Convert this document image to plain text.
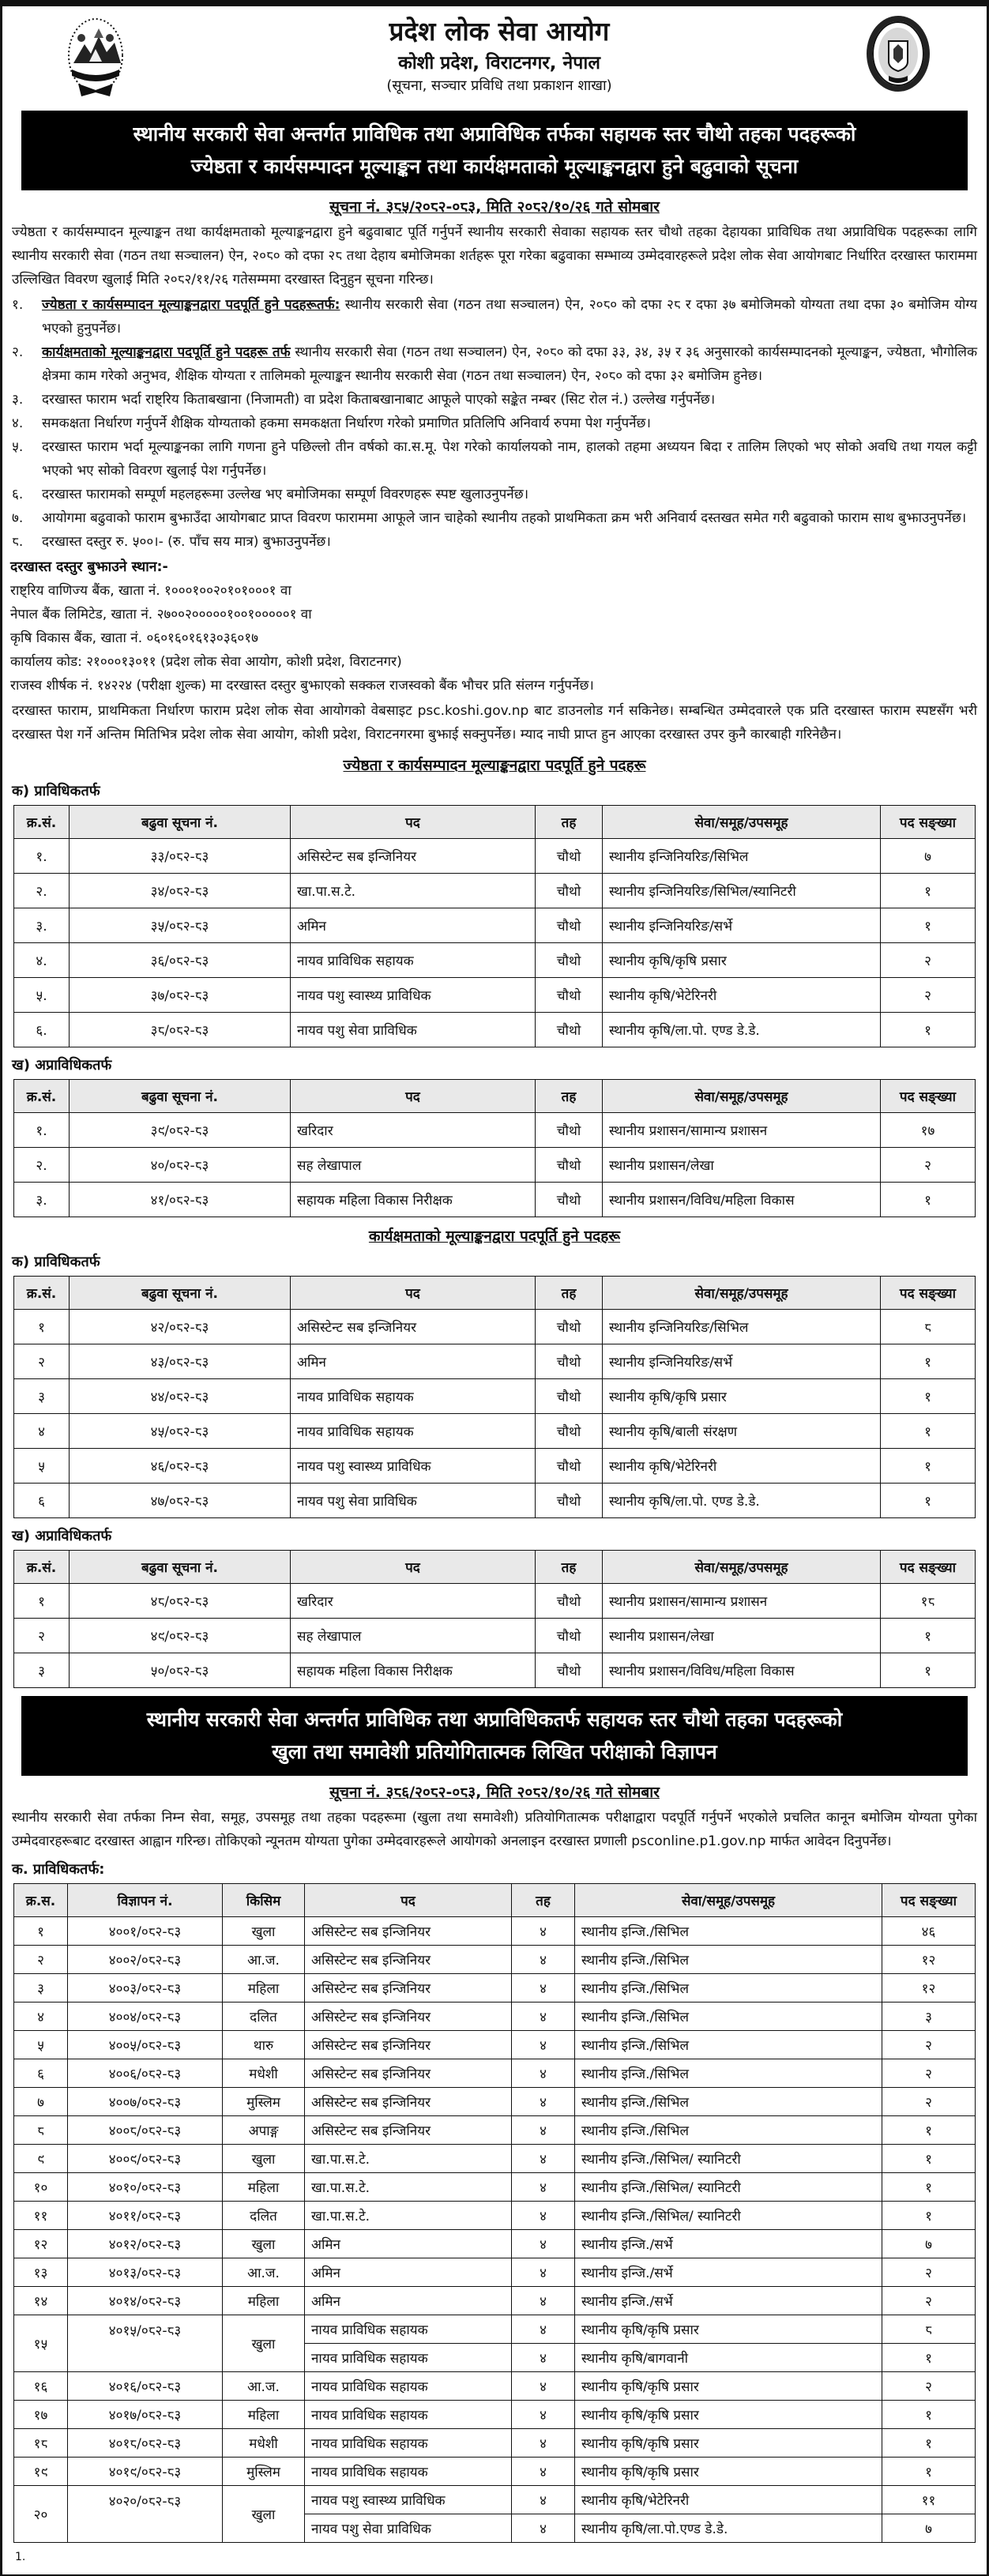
प्रदेश लोक सेवा आयोग
कोशी प्रदेश, विराटनगर, नेपाल
(सूचना, सञ्चार प्रविधि तथा प्रकाशन शाखा)
स्थानीय सरकारी सेवा अन्तर्गत प्राविधिक तथा अप्राविधिक तर्फका सहायक स्तर चौथो तहका पदहरूको
ज्येष्ठता र कार्यसम्पादन मूल्याङ्कन तथा कार्यक्षमताको मूल्याङ्कनद्वारा हुने बढुवाको सूचना
सूचना नं. ३८५/२०८२-०८३, मिति २०८२/१०/२६ गते सोमबार

ज्येष्ठता र कार्यसम्पादन मूल्याङ्कन तथा कार्यक्षमताको मूल्याङ्कनद्वारा हुने बढुवाबाट पूर्ति गर्नुपर्ने स्थानीय सरकारी सेवाका सहायक स्तर चौथो तहका देहायका प्राविधिक तथा अप्राविधिक पदहरूका लागि स्थानीय सरकारी सेवा (गठन तथा सञ्चालन) ऐन, २०८० को दफा २८ तथा देहाय बमोजिमका शर्तहरू पूरा गरेका बढुवाका सम्भाव्य उम्मेदवारहरूले प्रदेश लोक सेवा आयोगबाट निर्धारित दरखास्त फाराममा उल्लिखित विवरण खुलाई मिति २०८२/११/२६ गतेसम्ममा दरखास्त दिनुहुन सूचना गरिन्छ।

१.	ज्येष्ठता र कार्यसम्पादन मूल्याङ्कनद्वारा पदपूर्ति हुने पदहरूतर्फ: स्थानीय सरकारी सेवा (गठन तथा सञ्चालन) ऐन, २०८० को दफा २८ र दफा ३७ बमोजिमको योग्यता तथा दफा ३० बमोजिम योग्य भएको हुनुपर्नेछ।
२.	कार्यक्षमताको मूल्याङ्कनद्वारा पदपूर्ति हुने पदहरू तर्फ स्थानीय सरकारी सेवा (गठन तथा सञ्चालन) ऐन, २०८० को दफा ३३, ३४, ३५ र ३६ अनुसारको कार्यसम्पादनको मूल्याङ्कन, ज्येष्ठता, भौगोलिक क्षेत्रमा काम गरेको अनुभव, शैक्षिक योग्यता र तालिमको मूल्याङ्कन स्थानीय सरकारी सेवा (गठन तथा सञ्चालन) ऐन, २०८० को दफा ३२ बमोजिम हुनेछ।
३.	दरखास्त फाराम भर्दा राष्ट्रिय किताबखाना (निजामती) वा प्रदेश किताबखानाबाट आफूले पाएको सङ्केत नम्बर (सिट रोल नं.) उल्लेख गर्नुपर्नेछ।
४.	समकक्षता निर्धारण गर्नुपर्ने शैक्षिक योग्यताको हकमा समकक्षता निर्धारण गरेको प्रमाणित प्रतिलिपि अनिवार्य रुपमा पेश गर्नुपर्नेछ।
५.	दरखास्त फाराम भर्दा मूल्याङ्कनका लागि गणना हुने पछिल्लो तीन वर्षको का.स.मू. पेश गरेको कार्यालयको नाम, हालको तहमा अध्ययन बिदा र तालिम लिएको भए सोको अवधि तथा गयल कट्टी भएको भए सोको विवरण खुलाई पेश गर्नुपर्नेछ।
६.	दरखास्त फारामको सम्पूर्ण महलहरूमा उल्लेख भए बमोजिमका सम्पूर्ण विवरणहरू स्पष्ट खुलाउनुपर्नेछ।
७.	आयोगमा बढुवाको फाराम बुझाउँदा आयोगबाट प्राप्त विवरण फाराममा आफूले जान चाहेको स्थानीय तहको प्राथमिकता क्रम भरी अनिवार्य दस्तखत समेत गरी बढुवाको फाराम साथ बुझाउनुपर्नेछ।
८.	दरखास्त दस्तुर रु. ५००।- (रु. पाँच सय मात्र) बुझाउनुपर्नेछ।
दरखास्त दस्तुर बुझाउने स्थान:-
राष्ट्रिय वाणिज्य बैंक, खाता नं. १०००१००२०१०१०००१ वा
नेपाल बैंक लिमिटेड, खाता नं. २७००२०००००१००१०००००१ वा
कृषि विकास बैंक, खाता नं. ०६०१६०१६१३०३६०१७
कार्यालय कोड: २१०००१३०११ (प्रदेश लोक सेवा आयोग, कोशी प्रदेश, विराटनगर)
राजस्व शीर्षक नं. १४२२४ (परीक्षा शुल्क) मा दरखास्त दस्तुर बुझाएको सक्कल राजस्वको बैंक भौचर प्रति संलग्न गर्नुपर्नेछ।

दरखास्त फाराम, प्राथमिकता निर्धारण फाराम प्रदेश लोक सेवा आयोगको वेबसाइट psc.koshi.gov.np बाट डाउनलोड गर्न सकिनेछ। सम्बन्धित उम्मेदवारले एक प्रति दरखास्त फाराम स्पष्टसँग भरी दरखास्त पेश गर्ने अन्तिम मितिभित्र प्रदेश लोक सेवा आयोग, कोशी प्रदेश, विराटनगरमा बुझाई सक्नुपर्नेछ। म्याद नाघी प्राप्त हुन आएका दरखास्त उपर कुनै कारबाही गरिनेछैन।

ज्येष्ठता र कार्यसम्पादन मूल्याङ्कनद्वारा पदपूर्ति हुने पदहरू
क) प्राविधिकतर्फ
क्र.सं.	बढुवा सूचना नं.	पद	तह	सेवा/समूह/उपसमूह	पद सङ्ख्या
१.	३३/०८२-८३	असिस्टेन्ट सब इन्जिनियर	चौथो	स्थानीय इन्जिनियरिङ/सिभिल	७
२.	३४/०८२-८३	खा.पा.स.टे.	चौथो	स्थानीय इन्जिनियरिङ/सिभिल/स्यानिटरी	१
३.	३५/०८२-८३	अमिन	चौथो	स्थानीय इन्जिनियरिङ/सर्भे	१
४.	३६/०८२-८३	नायव प्राविधिक सहायक	चौथो	स्थानीय कृषि/कृषि प्रसार	२
५.	३७/०८२-८३	नायव पशु स्वास्थ्य प्राविधिक	चौथो	स्थानीय कृषि/भेटेरिनरी	२
६.	३८/०८२-८३	नायव पशु सेवा प्राविधिक	चौथो	स्थानीय कृषि/ला.पो. एण्ड डे.डे.	१
ख) अप्राविधिकतर्फ
क्र.सं.	बढुवा सूचना नं.	पद	तह	सेवा/समूह/उपसमूह	पद सङ्ख्या
१.	३९/०८२-८३	खरिदार	चौथो	स्थानीय प्रशासन/सामान्य प्रशासन	१७
२.	४०/०८२-८३	सह लेखापाल	चौथो	स्थानीय प्रशासन/लेखा	२
३.	४१/०८२-८३	सहायक महिला विकास निरीक्षक	चौथो	स्थानीय प्रशासन/विविध/महिला विकास	१
कार्यक्षमताको मूल्याङ्कनद्वारा पदपूर्ति हुने पदहरू
क) प्राविधिकतर्फ
क्र.सं.	बढुवा सूचना नं.	पद	तह	सेवा/समूह/उपसमूह	पद सङ्ख्या
१	४२/०८२-८३	असिस्टेन्ट सब इन्जिनियर	चौथो	स्थानीय इन्जिनियरिङ/सिभिल	८
२	४३/०८२-८३	अमिन	चौथो	स्थानीय इन्जिनियरिङ/सर्भे	१
३	४४/०८२-८३	नायव प्राविधिक सहायक	चौथो	स्थानीय कृषि/कृषि प्रसार	१
४	४५/०८२-८३	नायव प्राविधिक सहायक	चौथो	स्थानीय कृषि/बाली संरक्षण	१
५	४६/०८२-८३	नायव पशु स्वास्थ्य प्राविधिक	चौथो	स्थानीय कृषि/भेटेरिनरी	१
६	४७/०८२-८३	नायव पशु सेवा प्राविधिक	चौथो	स्थानीय कृषि/ला.पो. एण्ड डे.डे.	१
ख) अप्राविधिकतर्फ
क्र.सं.	बढुवा सूचना नं.	पद	तह	सेवा/समूह/उपसमूह	पद सङ्ख्या
१	४८/०८२-८३	खरिदार	चौथो	स्थानीय प्रशासन/सामान्य प्रशासन	१८
२	४९/०८२-८३	सह लेखापाल	चौथो	स्थानीय प्रशासन/लेखा	१
३	५०/०८२-८३	सहायक महिला विकास निरीक्षक	चौथो	स्थानीय प्रशासन/विविध/महिला विकास	१
स्थानीय सरकारी सेवा अन्तर्गत प्राविधिक तथा अप्राविधिकतर्फ सहायक स्तर चौथो तहका पदहरूको
खुला तथा समावेशी प्रतियोगितात्मक लिखित परीक्षाको विज्ञापन
सूचना नं. ३८६/२०८२-०८३, मिति २०८२/१०/२६ गते सोमबार

स्थानीय सरकारी सेवा तर्फका निम्न सेवा, समूह, उपसमूह तथा तहका पदहरूमा (खुला तथा समावेशी) प्रतियोगितात्मक परीक्षाद्वारा पदपूर्ति गर्नुपर्ने भएकोले प्रचलित कानून बमोजिम योग्यता पुगेका उम्मेदवारहरूबाट दरखास्त आह्वान गरिन्छ। तोकिएको न्यूनतम योग्यता पुगेका उम्मेदवारहरूले आयोगको अनलाइन दरखास्त प्रणाली psconline.p1.gov.np मार्फत आवेदन दिनुपर्नेछ।

क. प्राविधिकतर्फ:
क्र.स.	विज्ञापन नं.	किसिम	पद	तह	सेवा/समूह/उपसमूह	पद सङ्ख्या
१	४००१/०८२-८३	खुला	असिस्टेन्ट सब इन्जिनियर	४	स्थानीय इन्जि./सिभिल	४६
२	४००२/०८२-८३	आ.ज.	असिस्टेन्ट सब इन्जिनियर	४	स्थानीय इन्जि./सिभिल	१२
३	४००३/०८२-८३	महिला	असिस्टेन्ट सब इन्जिनियर	४	स्थानीय इन्जि./सिभिल	१२
४	४००४/०८२-८३	दलित	असिस्टेन्ट सब इन्जिनियर	४	स्थानीय इन्जि./सिभिल	३
५	४००५/०८२-८३	थारु	असिस्टेन्ट सब इन्जिनियर	४	स्थानीय इन्जि./सिभिल	२
६	४००६/०८२-८३	मधेशी	असिस्टेन्ट सब इन्जिनियर	४	स्थानीय इन्जि./सिभिल	२
७	४००७/०८२-८३	मुस्लिम	असिस्टेन्ट सब इन्जिनियर	४	स्थानीय इन्जि./सिभिल	२
८	४००८/०८२-८३	अपाङ्ग	असिस्टेन्ट सब इन्जिनियर	४	स्थानीय इन्जि./सिभिल	१
९	४००९/०८२-८३	खुला	खा.पा.स.टे.	४	स्थानीय इन्जि./सिभिल/ स्यानिटरी	१
१०	४०१०/०८२-८३	महिला	खा.पा.स.टे.	४	स्थानीय इन्जि./सिभिल/ स्यानिटरी	१
११	४०११/०८२-८३	दलित	खा.पा.स.टे.	४	स्थानीय इन्जि./सिभिल/ स्यानिटरी	१
१२	४०१२/०८२-८३	खुला	अमिन	४	स्थानीय इन्जि./सर्भे	७
१३	४०१३/०८२-८३	आ.ज.	अमिन	४	स्थानीय इन्जि./सर्भे	२
१४	४०१४/०८२-८३	महिला	अमिन	४	स्थानीय इन्जि./सर्भे	२
१५	४०१५/०८२-८३	खुला	नायव प्राविधिक सहायक	४	स्थानीय कृषि/कृषि प्रसार	८
			नायव प्राविधिक सहायक	४	स्थानीय कृषि/बागवानी	१
१६	४०१६/०८२-८३	आ.ज.	नायव प्राविधिक सहायक	४	स्थानीय कृषि/कृषि प्रसार	२
१७	४०१७/०८२-८३	महिला	नायव प्राविधिक सहायक	४	स्थानीय कृषि/कृषि प्रसार	१
१८	४०१८/०८२-८३	मधेशी	नायव प्राविधिक सहायक	४	स्थानीय कृषि/कृषि प्रसार	१
१९	४०१९/०८२-८३	मुस्लिम	नायव प्राविधिक सहायक	४	स्थानीय कृषि/कृषि प्रसार	१
२०	४०२०/०८२-८३	खुला	नायव पशु स्वास्थ्य प्राविधिक	४	स्थानीय कृषि/भेटेरिनरी	११
			नायव पशु सेवा प्राविधिक	४	स्थानीय कृषि/ला.पो.एण्ड डे.डे.	७
1.
